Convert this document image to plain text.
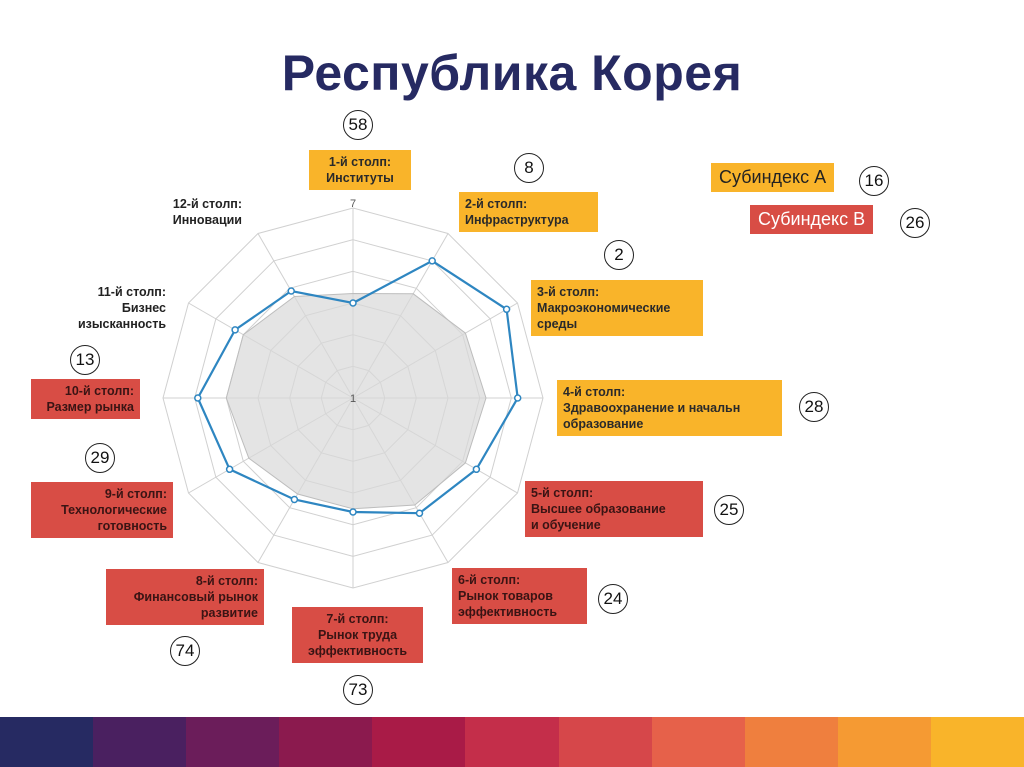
Республика Корея
7
1
1-й столп:
Институты
2-й столп:
Инфраструктура
3-й столп:
Макроэкономические
среды
4-й столп:
Здравоохранение и начальн
образование
5-й столп:
Высшее образование
и обучение
6-й столп:
Рынок товаров
эффективность
7-й столп:
Рынок труда
эффективность
8-й столп:
Финансовый рынок
развитие
9-й столп:
Технологические
готовность
10-й столп:
Размер рынка
11-й столп:
Бизнес
изысканность
12-й столп:
Инновации
58
8
2
28
25
24
73
74
29
13
Субиндекс A	16
Субиндекс B	26
